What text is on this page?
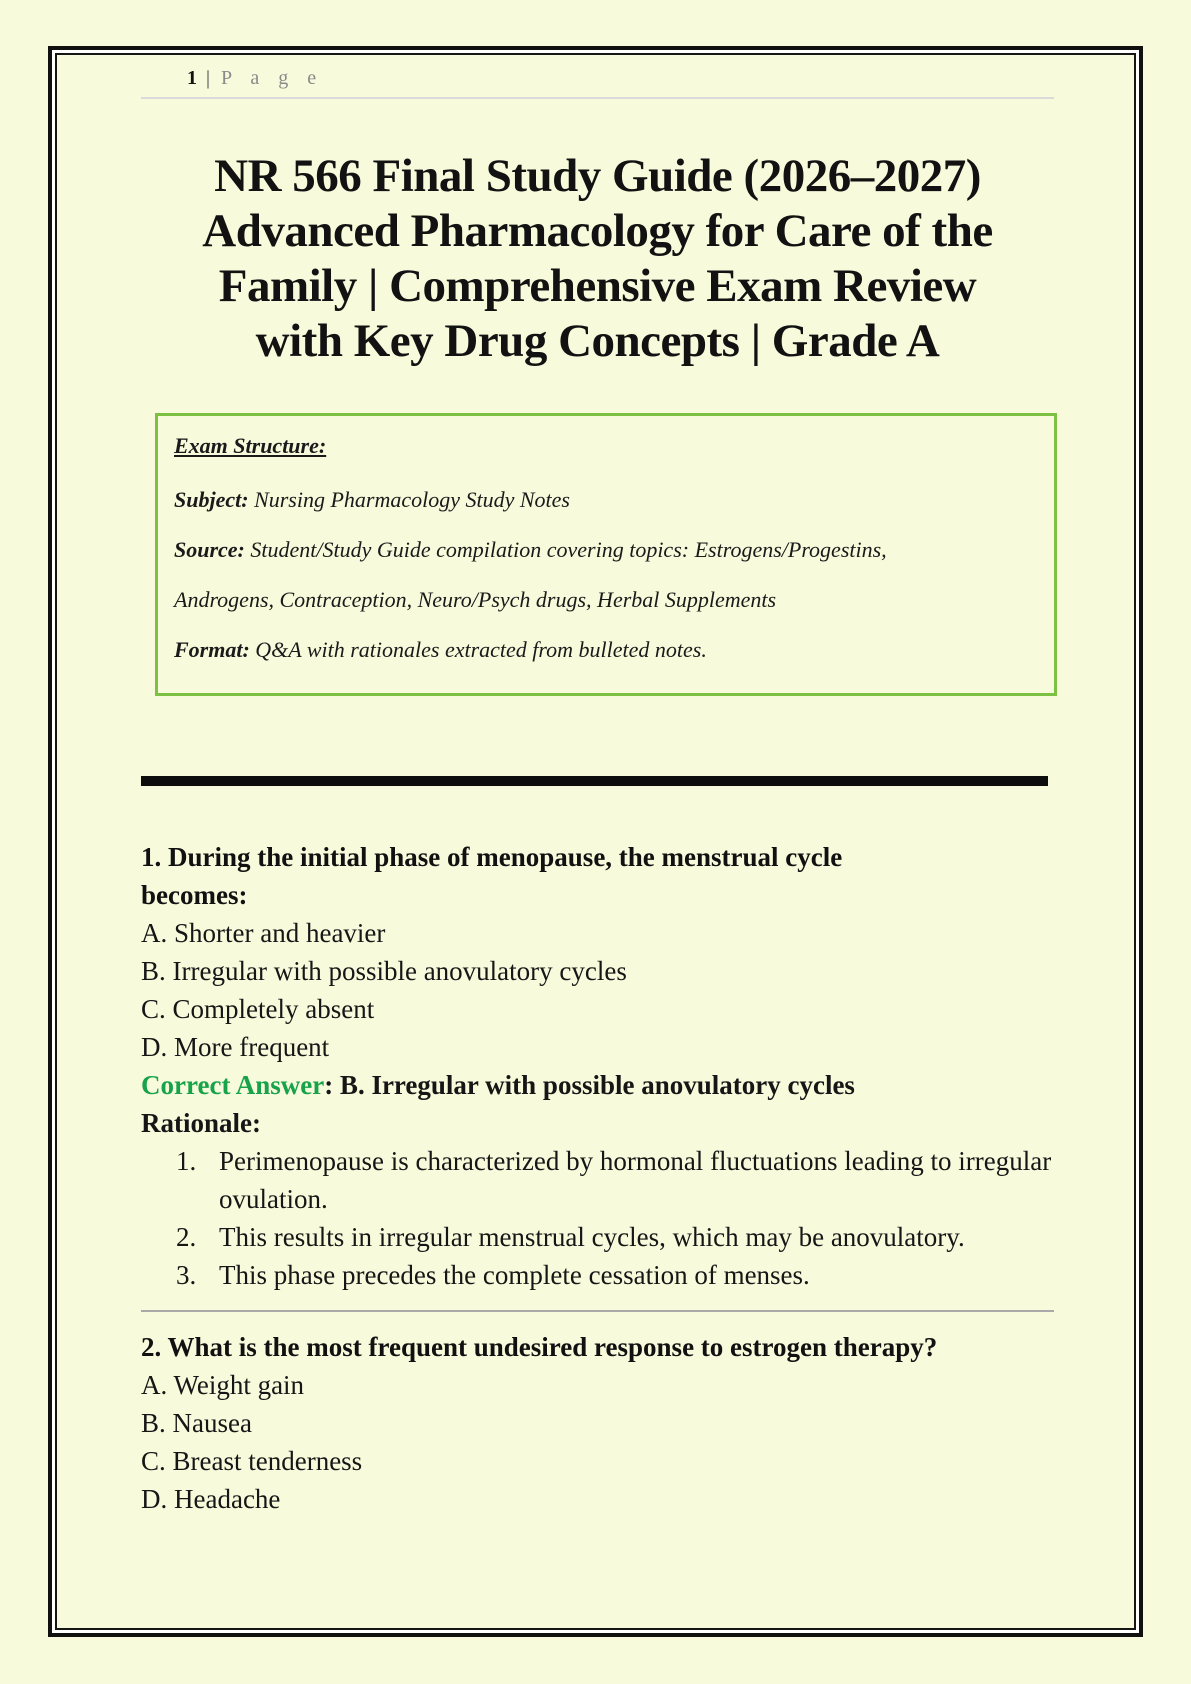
1 | P a g e
NR 566 Final Study Guide (2026–2027)
Advanced Pharmacology for Care of the
Family | Comprehensive Exam Review
with Key Drug Concepts | Grade A
Exam Structure:
Subject: Nursing Pharmacology Study Notes
Source: Student/Study Guide compilation covering topics: Estrogens/Progestins,
Androgens, Contraception, Neuro/Psych drugs, Herbal Supplements
Format: Q&A with rationales extracted from bulleted notes.
1. During the initial phase of menopause, the menstrual cycle
becomes:
A. Shorter and heavier
B. Irregular with possible anovulatory cycles
C. Completely absent
D. More frequent
Correct Answer: B. Irregular with possible anovulatory cycles
Rationale:
1. Perimenopause is characterized by hormonal fluctuations leading to irregular ovulation.
2. This results in irregular menstrual cycles, which may be anovulatory.
3. This phase precedes the complete cessation of menses.
2. What is the most frequent undesired response to estrogen therapy?
A. Weight gain
B. Nausea
C. Breast tenderness
D. Headache
